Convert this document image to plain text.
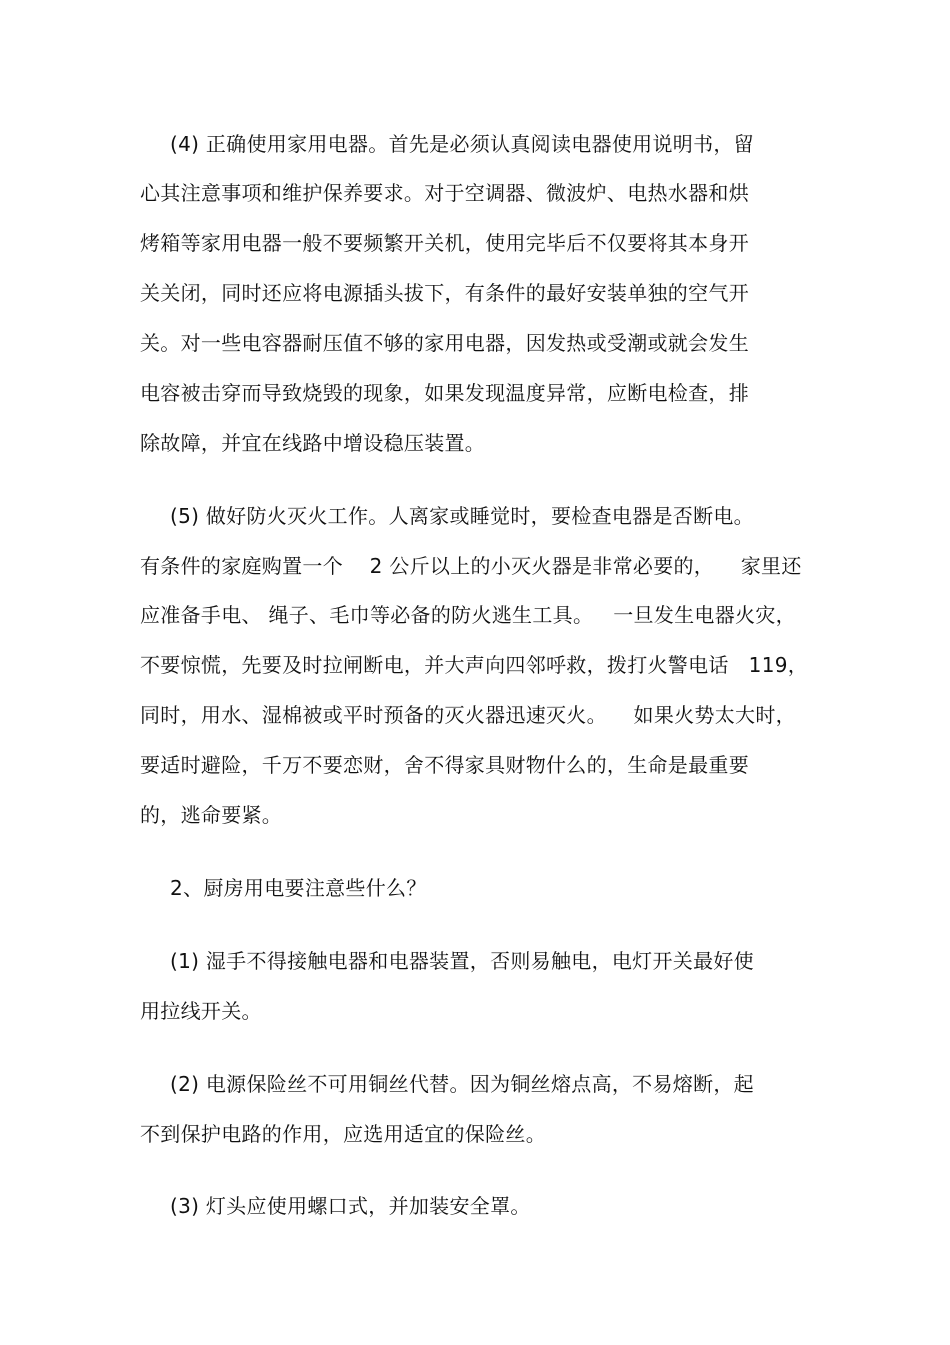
(4) 正确使用家用电器。首先是必须认真阅读电器使用说明书，留
心其注意事项和维护保养要求。对于空调器、微波炉、电热水器和烘
烤箱等家用电器一般不要频繁开关机，使用完毕后不仅要将其本身开
关关闭，同时还应将电源插头拔下，有条件的最好安装单独的空气开
关。对一些电容器耐压值不够的家用电器，因发热或受潮或就会发生
电容被击穿而导致烧毁的现象，如果发现温度异常，应断电检查，排
除故障，并宜在线路中增设稳压装置。
(5) 做好防火灭火工作。人离家或睡觉时，要检查电器是否断电。
有条件的家庭购置一个    2 公斤以上的小灭火器是非常必要的，    家里还
应准备手电、 绳子、毛巾等必备的防火逃生工具。   一旦发生电器火灾，
不要惊慌，先要及时拉闸断电，并大声向四邻呼救，拨打火警电话   119，
同时，用水、湿棉被或平时预备的灭火器迅速灭火。    如果火势太大时，
要适时避险，千万不要恋财，舍不得家具财物什么的，生命是最重要
的，逃命要紧。
2、厨房用电要注意些什么？
(1) 湿手不得接触电器和电器装置，否则易触电，电灯开关最好使
用拉线开关。
(2) 电源保险丝不可用铜丝代替。因为铜丝熔点高，不易熔断，起
不到保护电路的作用，应选用适宜的保险丝。
(3) 灯头应使用螺口式，并加装安全罩。
